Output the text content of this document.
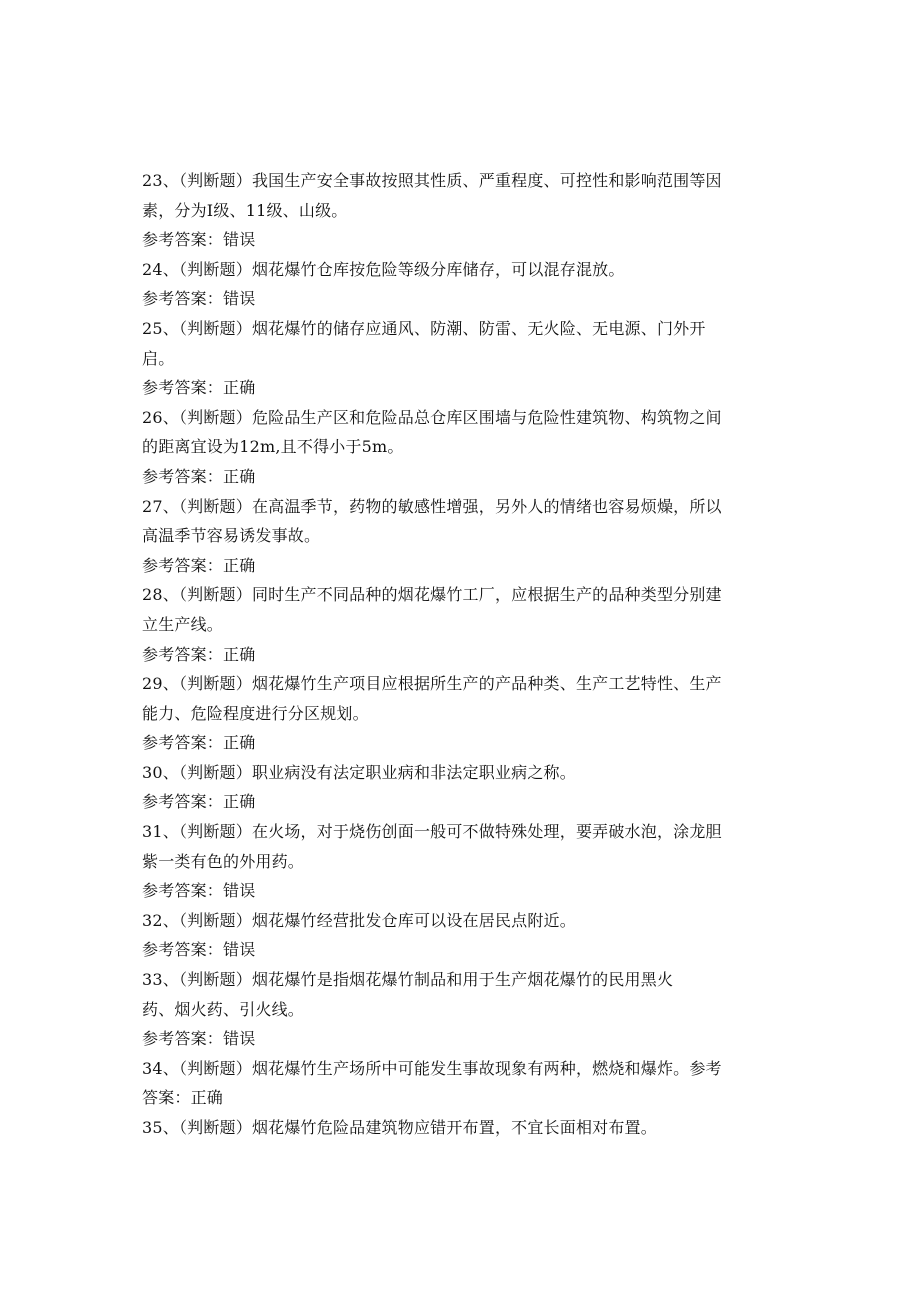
23、（判断题）我国生产安全事故按照其性质、严重程度、可控性和影响范围等因
素，分为Ⅰ级、11级、山级。
参考答案：错误
24、（判断题）烟花爆竹仓库按危险等级分库储存，可以混存混放。
参考答案：错误
25、（判断题）烟花爆竹的储存应通风、防潮、防雷、无火险、无电源、门外开
启。
参考答案：正确
26、（判断题）危险品生产区和危险品总仓库区围墙与危险性建筑物、构筑物之间
的距离宜设为12m,且不得小于5m。
参考答案：正确
27、（判断题）在高温季节，药物的敏感性增强，另外人的情绪也容易烦燥，所以
高温季节容易诱发事故。
参考答案：正确
28、（判断题）同时生产不同品种的烟花爆竹工厂，应根据生产的品种类型分别建
立生产线。
参考答案：正确
29、（判断题）烟花爆竹生产项目应根据所生产的产品种类、生产工艺特性、生产
能力、危险程度进行分区规划。
参考答案：正确
30、（判断题）职业病没有法定职业病和非法定职业病之称。
参考答案：正确
31、（判断题）在火场，对于烧伤创面一般可不做特殊处理，要弄破水泡，涂龙胆
紫一类有色的外用药。
参考答案：错误
32、（判断题）烟花爆竹经营批发仓库可以设在居民点附近。
参考答案：错误
33、（判断题）烟花爆竹是指烟花爆竹制品和用于生产烟花爆竹的民用黑火
药、烟火药、引火线。
参考答案：错误
34、（判断题）烟花爆竹生产场所中可能发生事故现象有两种，燃烧和爆炸。参考
答案：正确
35、（判断题）烟花爆竹危险品建筑物应错开布置，不宜长面相对布置。
